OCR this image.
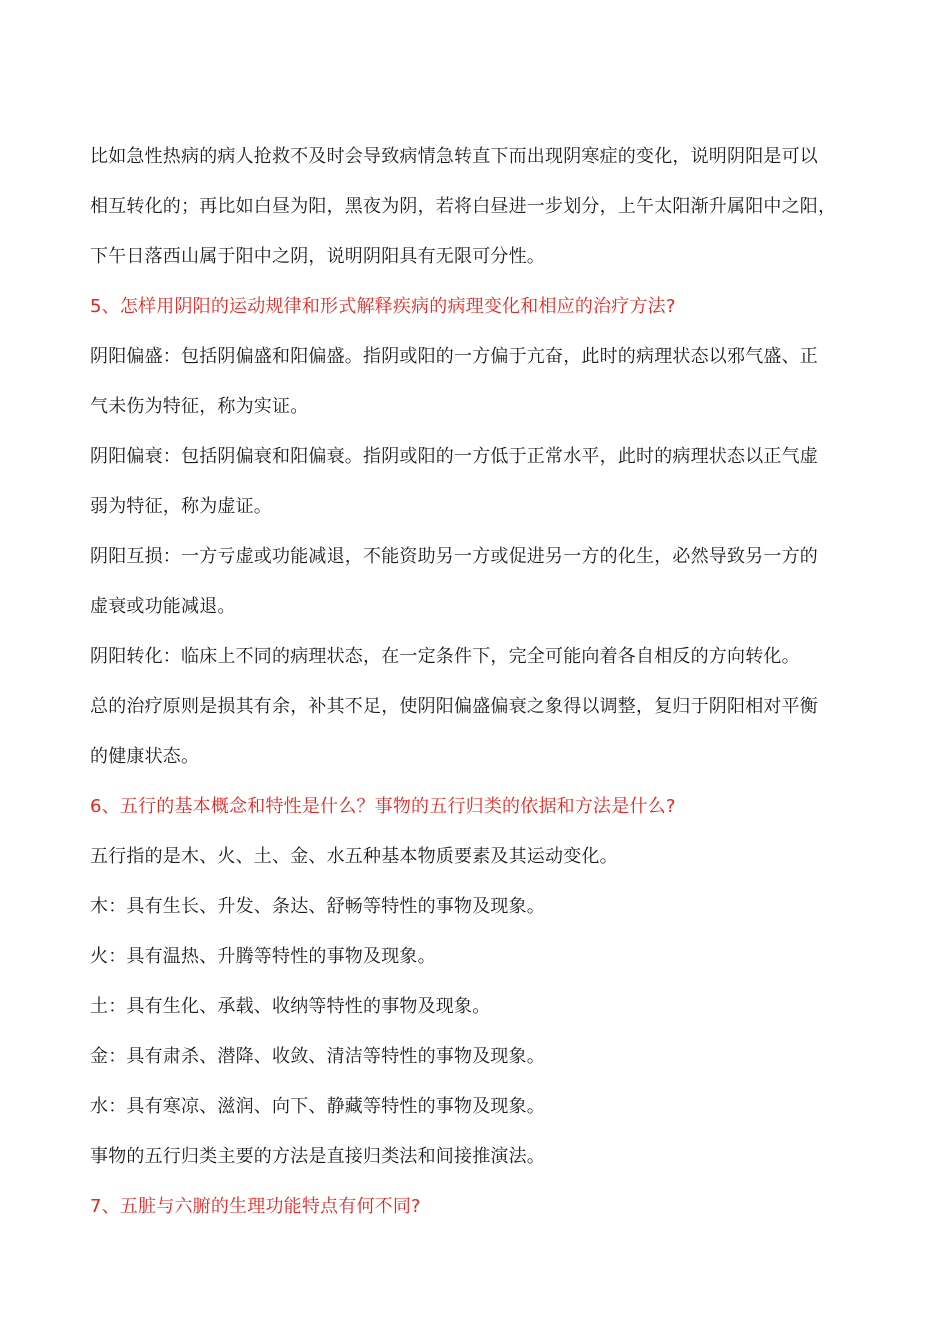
比如急性热病的病人抢救不及时会导致病情急转直下而出现阴寒症的变化，说明阴阳是可以
相互转化的；再比如白昼为阳，黑夜为阴，若将白昼进一步划分，上午太阳渐升属阳中之阳，
下午日落西山属于阳中之阴，说明阴阳具有无限可分性。
5、怎样用阴阳的运动规律和形式解释疾病的病理变化和相应的治疗方法?
阴阳偏盛：包括阴偏盛和阳偏盛。指阴或阳的一方偏于亢奋，此时的病理状态以邪气盛、正
气未伤为特征，称为实证。
阴阳偏衰：包括阴偏衰和阳偏衰。指阴或阳的一方低于正常水平，此时的病理状态以正气虚
弱为特征，称为虚证。
阴阳互损：一方亏虚或功能减退，不能资助另一方或促进另一方的化生，必然导致另一方的
虚衰或功能减退。
阴阳转化：临床上不同的病理状态，在一定条件下，完全可能向着各自相反的方向转化。
总的治疗原则是损其有余，补其不足，使阴阳偏盛偏衰之象得以调整，复归于阴阳相对平衡
的健康状态。
6、五行的基本概念和特性是什么？事物的五行归类的依据和方法是什么?
五行指的是木、火、土、金、水五种基本物质要素及其运动变化。
木：具有生长、升发、条达、舒畅等特性的事物及现象。
火：具有温热、升腾等特性的事物及现象。
土：具有生化、承载、收纳等特性的事物及现象。
金：具有肃杀、潜降、收敛、清洁等特性的事物及现象。
水：具有寒凉、滋润、向下、静藏等特性的事物及现象。
事物的五行归类主要的方法是直接归类法和间接推演法。
7、五脏与六腑的生理功能特点有何不同?
